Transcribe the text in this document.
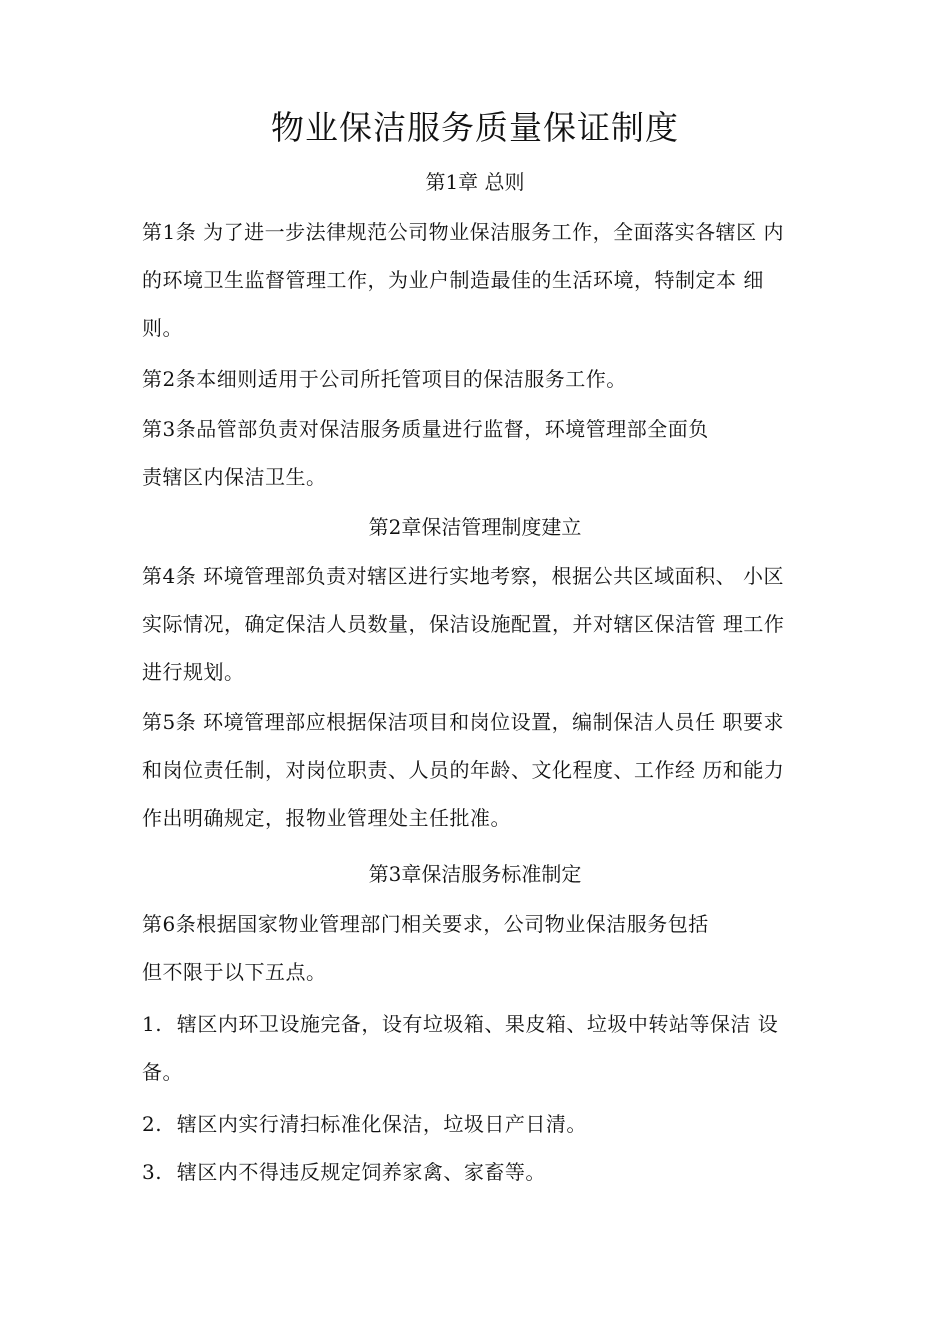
物业保洁服务质量保证制度
第1章 总则
第1条 为了进一步法律规范公司物业保洁服务工作，全面落实各辖区 内
的环境卫生监督管理工作，为业户制造最佳的生活环境，特制定本 细
则。
第2条本细则适用于公司所托管项目的保洁服务工作。
第3条品管部负责对保洁服务质量进行监督，环境管理部全面负
责辖区内保洁卫生。
第2章保洁管理制度建立
第4条 环境管理部负责对辖区进行实地考察，根据公共区域面积、 小区
实际情况，确定保洁人员数量，保洁设施配置，并对辖区保洁管 理工作
进行规划。
第5条 环境管理部应根据保洁项目和岗位设置，编制保洁人员任 职要求
和岗位责任制，对岗位职责、人员的年龄、文化程度、工作经 历和能力
作出明确规定，报物业管理处主任批准。
第3章保洁服务标准制定
第6条根据国家物业管理部门相关要求，公司物业保洁服务包括
但不限于以下五点。
1. 辖区内环卫设施完备，设有垃圾箱、果皮箱、垃圾中转站等保洁 设
备。
2. 辖区内实行清扫标准化保洁，垃圾日产日清。
3. 辖区内不得违反规定饲养家禽、家畜等。
